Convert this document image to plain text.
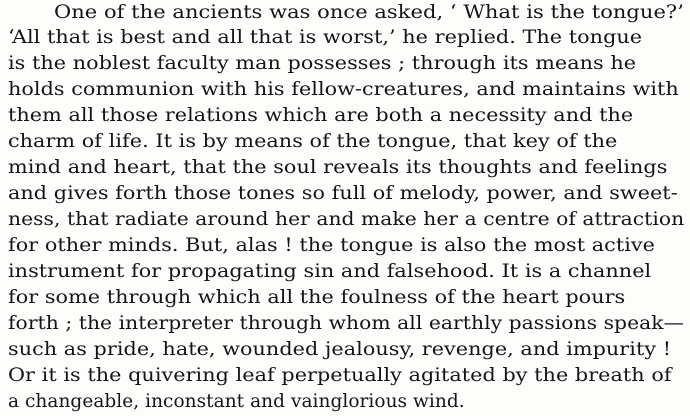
One of the ancients was once asked, ‘ What is the tongue?’
‘All that is best and all that is worst,’ he replied. The tongue
is the noblest faculty man possesses ; through its means he
holds communion with his fellow-creatures, and maintains with
them all those relations which are both a necessity and the
charm of life. It is by means of the tongue, that key of the
mind and heart, that the soul reveals its thoughts and feelings
and gives forth those tones so full of melody, power, and sweet-
ness, that radiate around her and make her a centre of attraction
for other minds. But, alas ! the tongue is also the most active
instrument for propagating sin and falsehood. It is a channel
for some through which all the foulness of the heart pours
forth ; the interpreter through whom all earthly passions speak—
such as pride, hate, wounded jealousy, revenge, and impurity !
Or it is the quivering leaf perpetually agitated by the breath of
a changeable, inconstant and vainglorious wind.
